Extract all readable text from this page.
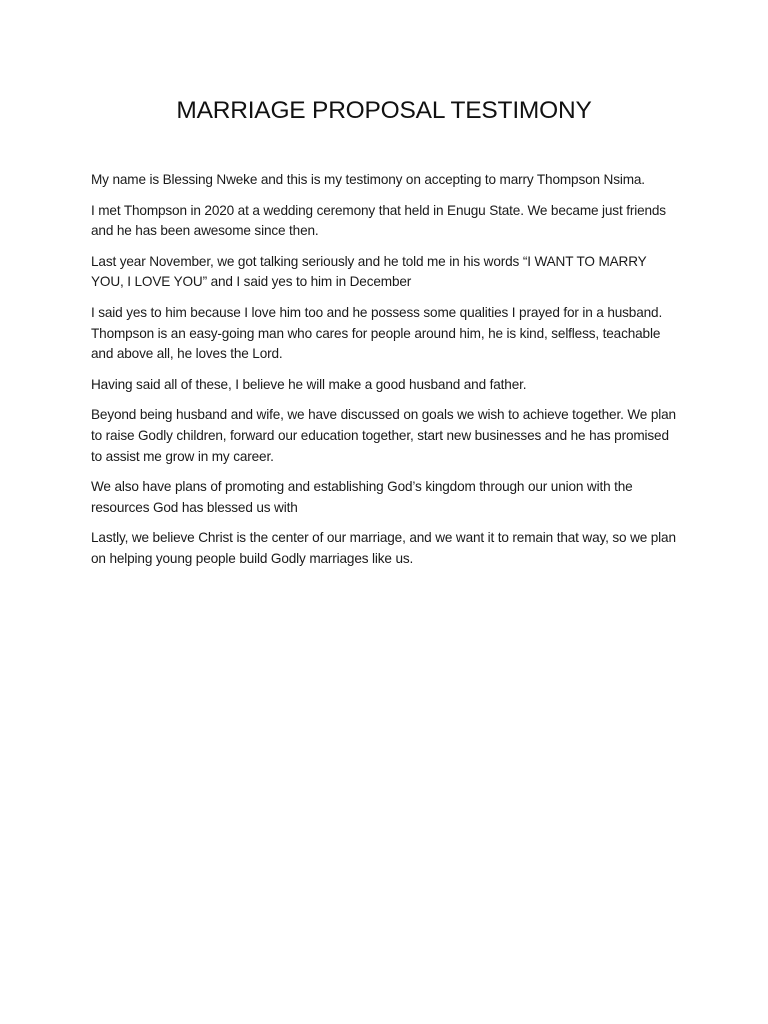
MARRIAGE PROPOSAL TESTIMONY

My name is Blessing Nweke and this is my testimony on accepting to marry Thompson Nsima.

I met Thompson in 2020 at a wedding ceremony that held in Enugu State. We became just friends and he has been awesome since then.

Last year November, we got talking seriously and he told me in his words “I WANT TO MARRY YOU, I LOVE YOU” and I said yes to him in December

I said yes to him because I love him too and he possess some qualities I prayed for in a husband. Thompson is an easy-going man who cares for people around him, he is kind, selfless, teachable and above all, he loves the Lord.

Having said all of these, I believe he will make a good husband and father.

Beyond being husband and wife, we have discussed on goals we wish to achieve together. We plan to raise Godly children, forward our education together, start new businesses and he has promised to assist me grow in my career.

We also have plans of promoting and establishing God’s kingdom through our union with the resources God has blessed us with

Lastly, we believe Christ is the center of our marriage, and we want it to remain that way, so we plan on helping young people build Godly marriages like us.
